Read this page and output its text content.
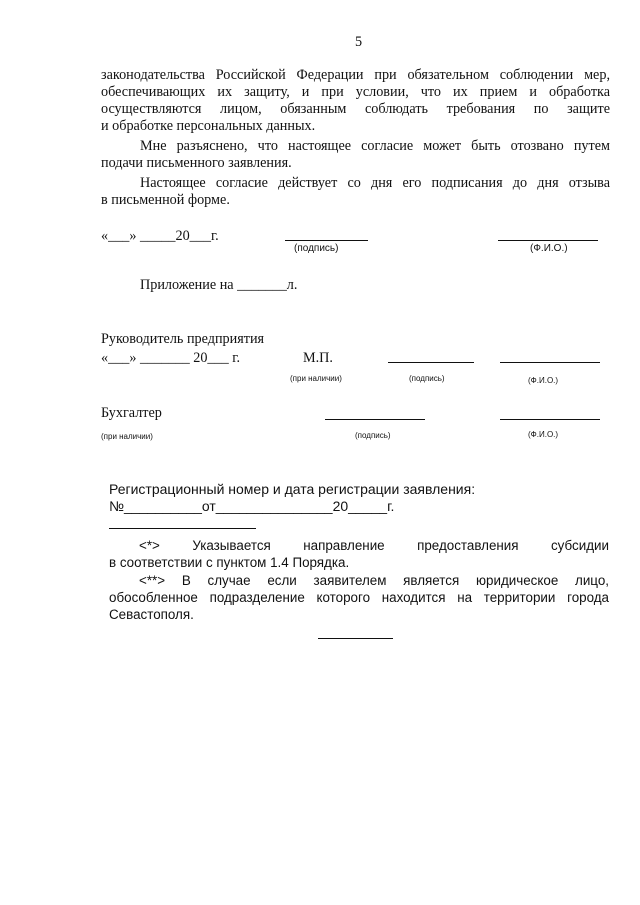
5
законодательства Российской Федерации при обязательном соблюдении мер,
обеспечивающих их защиту, и при условии, что их прием и обработка
осуществляются лицом, обязанным соблюдать требования по защите
и обработке персональных данных.
Мне разъяснено, что настоящее согласие может быть отозвано путем
подачи письменного заявления.
Настоящее согласие действует со дня его подписания до дня отзыва
в письменной форме.
«___» _____20___г.
(подпись)	(Ф.И.О.)
Приложение на _______л.
Руководитель предприятия
«___» _______ 20___ г.	М.П.
(при наличии)	(подпись)	(Ф.И.О.)
Бухгалтер
(при наличии)	(подпись)	(Ф.И.О.)
Регистрационный номер и дата регистрации заявления:
№__________от_______________20_____г.
<*> Указывается направление предоставления субсидии
в соответствии с пунктом 1.4 Порядка.
<**> В случае если заявителем является юридическое лицо,
обособленное подразделение которого находится на территории города
Севастополя.
